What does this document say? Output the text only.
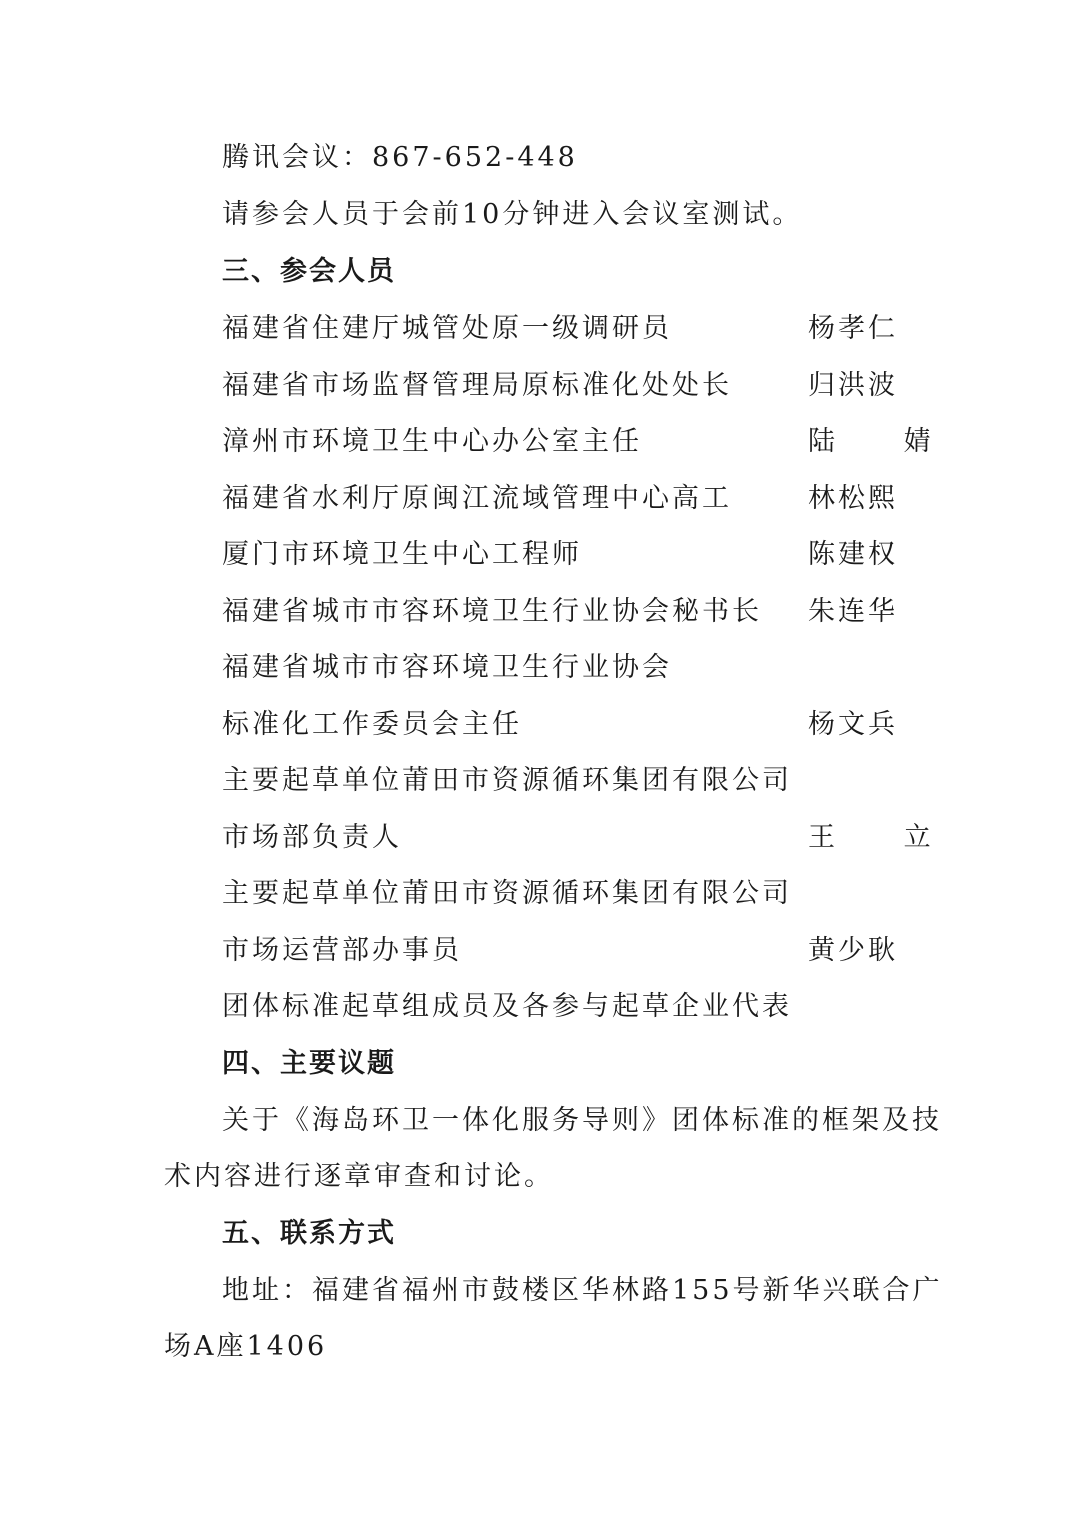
腾讯会议：867-652-448
请参会人员于会前10分钟进入会议室测试。
三、参会人员
福建省住建厅城管处原一级调研员	杨孝仁
福建省市场监督管理局原标准化处处长	归洪波
漳州市环境卫生中心办公室主任	陆 婧
福建省水利厅原闽江流域管理中心高工	林松熙
厦门市环境卫生中心工程师	陈建权
福建省城市市容环境卫生行业协会秘书长 朱连华
福建省城市市容环境卫生行业协会
标准化工作委员会主任	杨文兵
主要起草单位莆田市资源循环集团有限公司
市场部负责人	王 立
主要起草单位莆田市资源循环集团有限公司
市场运营部办事员	黄少耿
团体标准起草组成员及各参与起草企业代表
四、主要议题
关于《海岛环卫一体化服务导则》团体标准的框架及技
术内容进行逐章审查和讨论。
五、联系方式
地址：福建省福州市鼓楼区华林路155号新华兴联合广
场A座1406
